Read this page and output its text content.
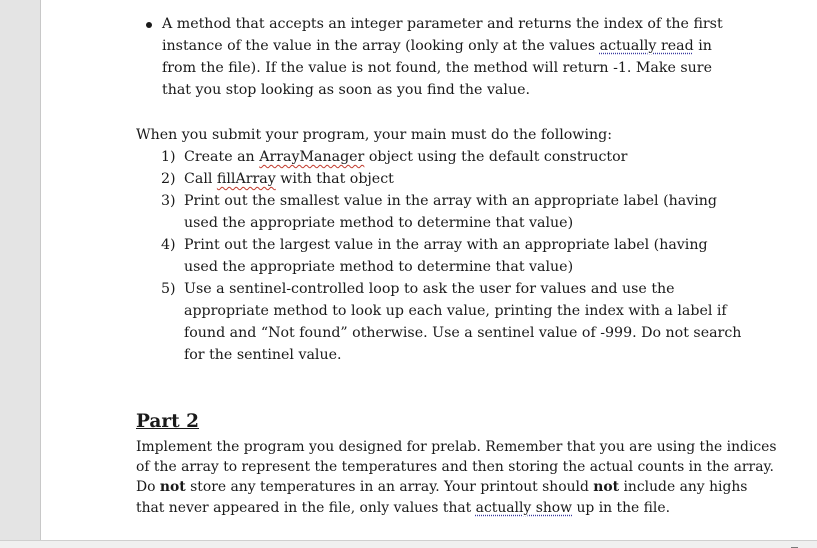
A method that accepts an integer parameter and returns the index of the first
instance of the value in the array (looking only at the values actually read in
from the file). If the value is not found, the method will return -1. Make sure
that you stop looking as soon as you find the value.
When you submit your program, your main must do the following:
1) Create an ArrayManager object using the default constructor
2) Call fillArray with that object
3) Print out the smallest value in the array with an appropriate label (having
used the appropriate method to determine that value)
4) Print out the largest value in the array with an appropriate label (having
used the appropriate method to determine that value)
5) Use a sentinel-controlled loop to ask the user for values and use the
appropriate method to look up each value, printing the index with a label if
found and “Not found” otherwise. Use a sentinel value of -999. Do not search
for the sentinel value.
Part 2
Implement the program you designed for prelab. Remember that you are using the indices
of the array to represent the temperatures and then storing the actual counts in the array.
Do not store any temperatures in an array. Your printout should not include any highs
that never appeared in the file, only values that actually show up in the file.
